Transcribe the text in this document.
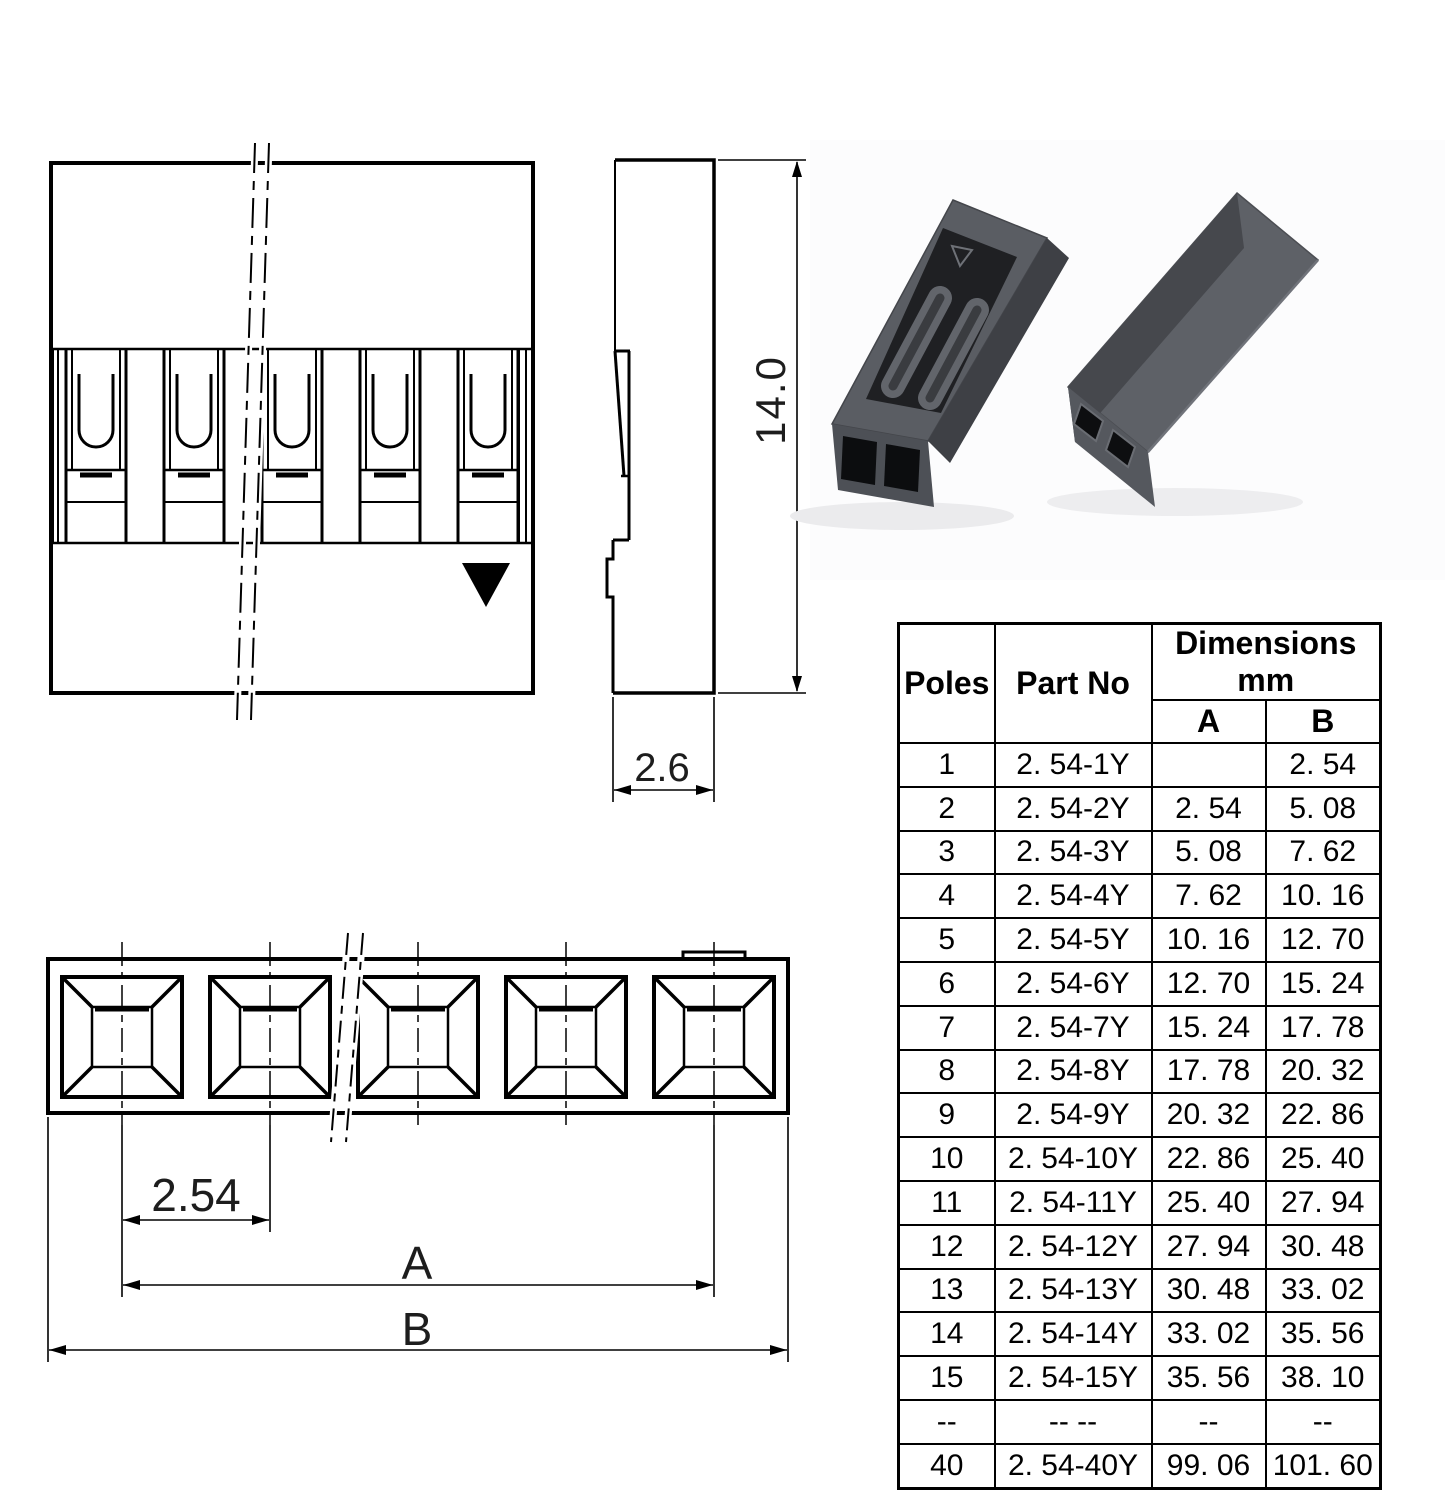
14.0
2.6
2.54
A
B
Poles	Part No	Dimensions mm	
		A	B
1	2. 54-1Y		2. 54
2	2. 54-2Y	2. 54	5. 08
3	2. 54-3Y	5. 08	7. 62
4	2. 54-4Y	7. 62	10. 16
5	2. 54-5Y	10. 16	12. 70
6	2. 54-6Y	12. 70	15. 24
7	2. 54-7Y	15. 24	17. 78
8	2. 54-8Y	17. 78	20. 32
9	2. 54-9Y	20. 32	22. 86
10	2. 54-10Y	22. 86	25. 40
11	2. 54-11Y	25. 40	27. 94
12	2. 54-12Y	27. 94	30. 48
13	2. 54-13Y	30. 48	33. 02
14	2. 54-14Y	33. 02	35. 56
15	2. 54-15Y	35. 56	38. 10
--	-- --	--	--
40	2. 54-40Y	99. 06	101. 60
